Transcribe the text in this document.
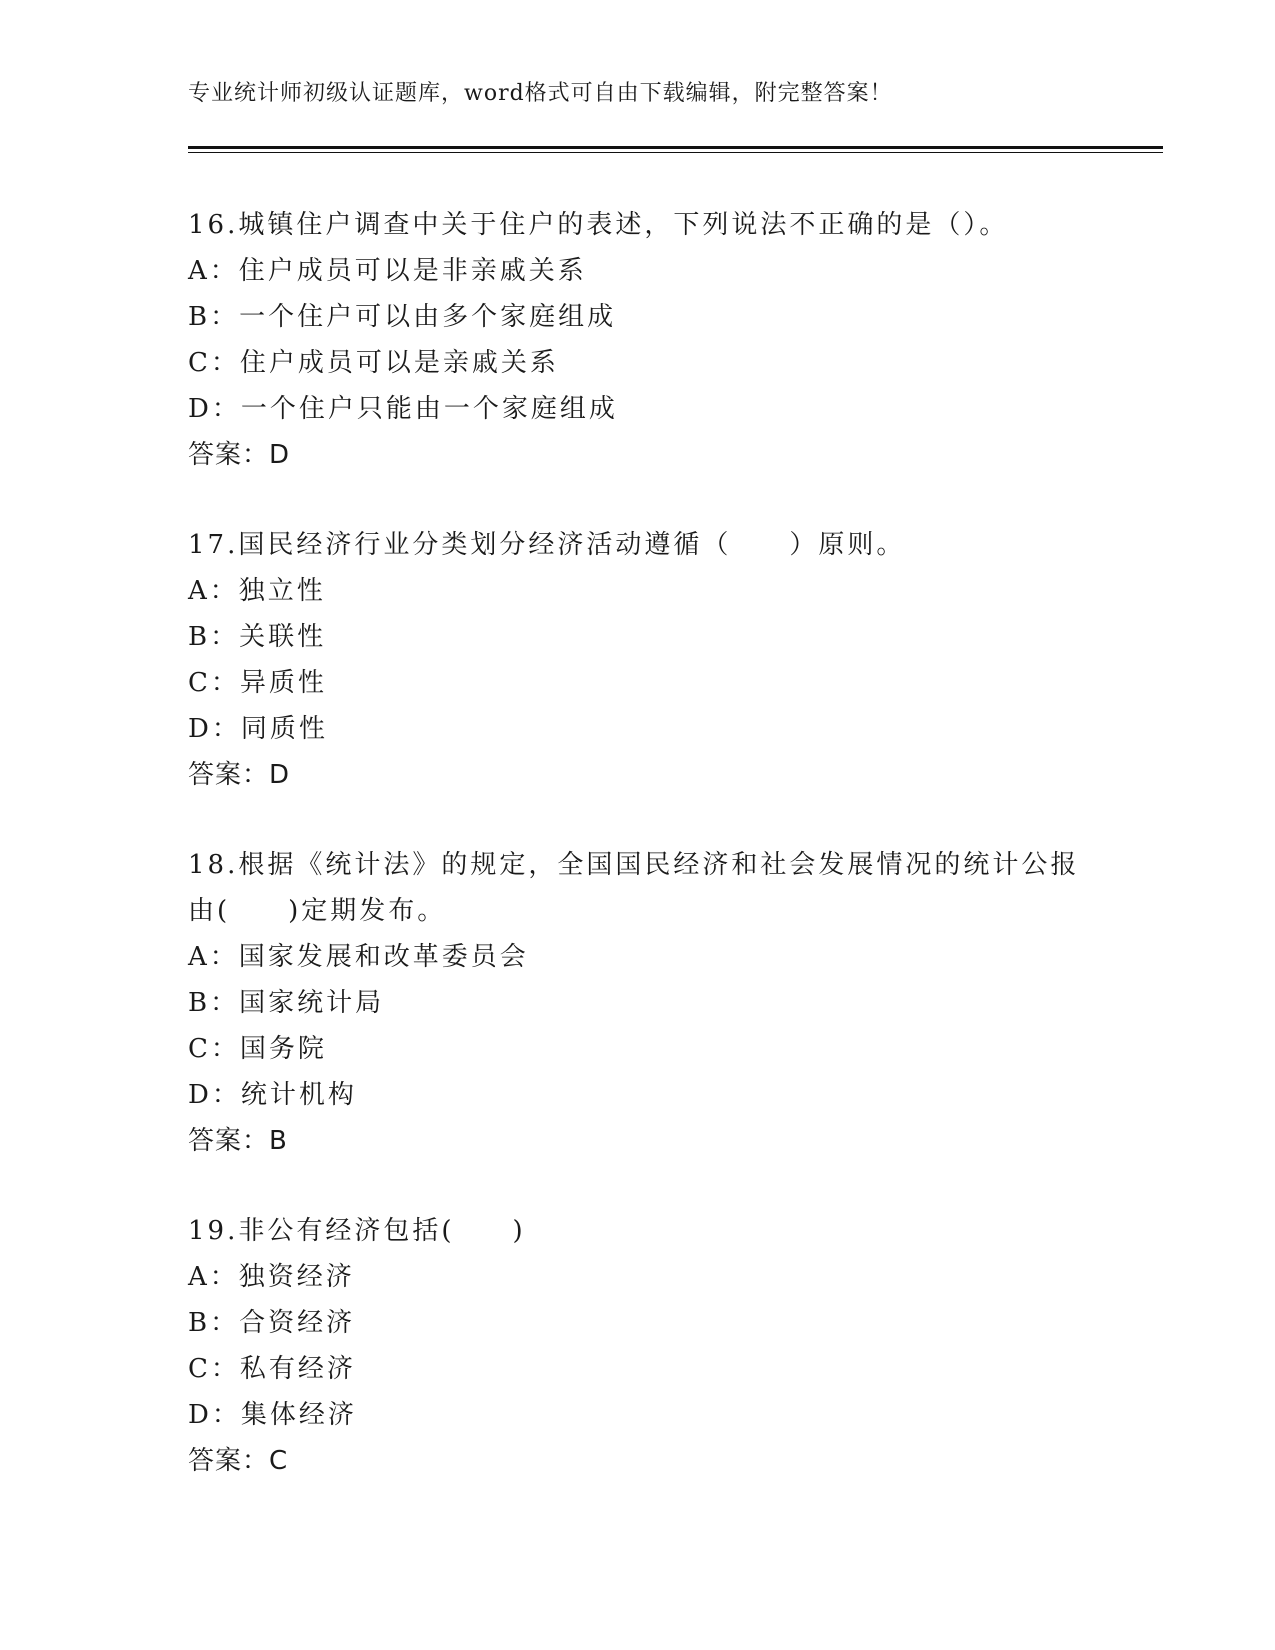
专业统计师初级认证题库，word格式可自由下载编辑，附完整答案！
16.城镇住户调查中关于住户的表述，下列说法不正确的是（）。
A：住户成员可以是非亲戚关系
B：一个住户可以由多个家庭组成
C：住户成员可以是亲戚关系
D：一个住户只能由一个家庭组成
答案：D
17.国民经济行业分类划分经济活动遵循（　　）原则。
A：独立性
B：关联性
C：异质性
D：同质性
答案：D
18.根据《统计法》的规定，全国国民经济和社会发展情况的统计公报
由(　　)定期发布。
A：国家发展和改革委员会
B：国家统计局
C：国务院
D：统计机构
答案：B
19.非公有经济包括(　　)
A：独资经济
B：合资经济
C：私有经济
D：集体经济
答案：C
